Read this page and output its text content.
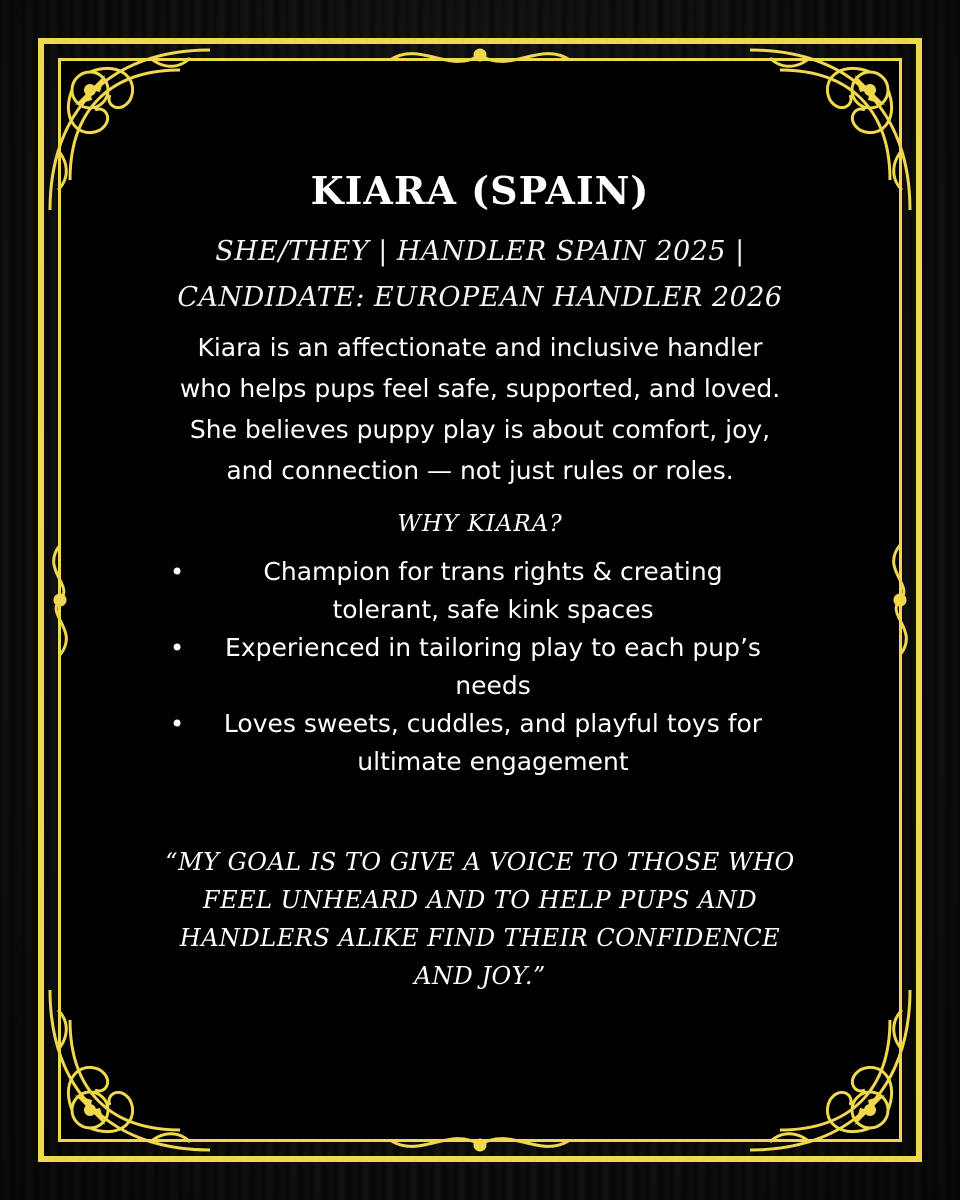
KIARA (SPAIN)
SHE/THEY | HANDLER SPAIN 2025 |
CANDIDATE: EUROPEAN HANDLER 2026
Kiara is an affectionate and inclusive handler who helps pups feel safe, supported, and loved. She believes puppy play is about comfort, joy, and connection — not just rules or roles.
WHY KIARA?
•	Champion for trans rights & creating tolerant, safe kink spaces
• Experienced in tailoring play to each pup’s needs
• Loves sweets, cuddles, and playful toys for ultimate engagement
“MY GOAL IS TO GIVE A VOICE TO THOSE WHO FEEL UNHEARD AND TO HELP PUPS AND HANDLERS ALIKE FIND THEIR CONFIDENCE AND JOY.”
